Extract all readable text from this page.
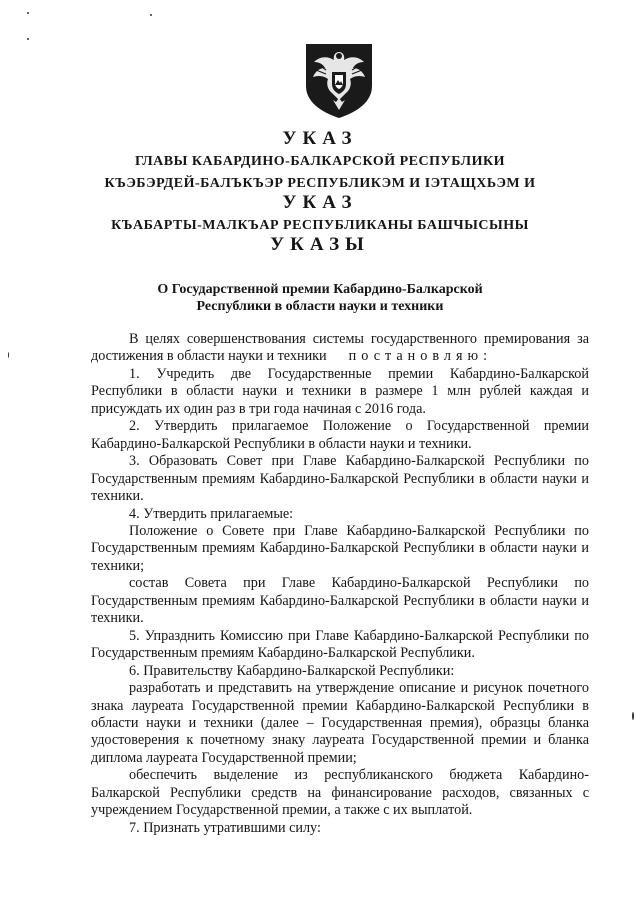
УКАЗ
ГЛАВЫ КАБАРДИНО-БАЛКАРСКОЙ РЕСПУБЛИКИ
КЪЭБЭРДЕЙ-БАЛЪКЪЭР РЕСПУБЛИКЭМ И ІЭТАЩХЬЭМ И
УКАЗ
КЪАБАРТЫ-МАЛКЪАР РЕСПУБЛИКАНЫ БАШЧЫСЫНЫ
УКАЗЫ
О Государственной премии Кабардино-Балкарской
Республики в области науки и техники

В целях совершенствования системы государственного премирования за достижения в области науки и техники постановляю:

1. Учредить две Государственные премии Кабардино-Балкарской Республики в области науки и техники в размере 1 млн рублей каждая и присуждать их один раз в три года начиная с 2016 года.

2. Утвердить прилагаемое Положение о Государственной премии Кабардино-Балкарской Республики в области науки и техники.

3. Образовать Совет при Главе Кабардино-Балкарской Республики по Государственным премиям Кабардино-Балкарской Республики в области науки и техники.

4. Утвердить прилагаемые:

Положение о Совете при Главе Кабардино-Балкарской Республики по Государственным премиям Кабардино-Балкарской Республики в области науки и техники;

состав Совета при Главе Кабардино-Балкарской Республики по Государственным премиям Кабардино-Балкарской Республики в области науки и техники.

5. Упразднить Комиссию при Главе Кабардино-Балкарской Республики по Государственным премиям Кабардино-Балкарской Республики.

6. Правительству Кабардино-Балкарской Республики:

разработать и представить на утверждение описание и рисунок почетного знака лауреата Государственной премии Кабардино-Балкарской Республики в области науки и техники (далее – Государственная премия), образцы бланка удостоверения к почетному знаку лауреата Государственной премии и бланка диплома лауреата Государственной премии;

обеспечить выделение из республиканского бюджета Кабардино-Балкарской Республики средств на финансирование расходов, связанных с учреждением Государственной премии, а также с их выплатой.

7. Признать утратившими силу:
